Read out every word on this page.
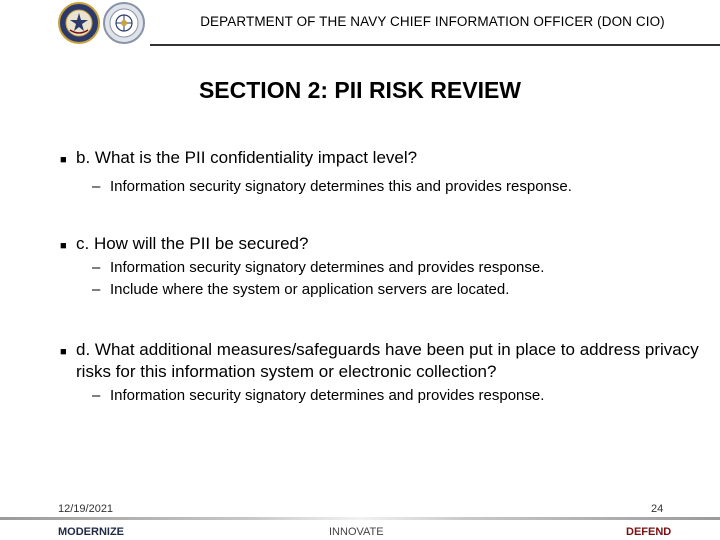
DEPARTMENT OF THE NAVY CHIEF INFORMATION OFFICER (DON CIO)
SECTION 2: PII RISK REVIEW
■ b. What is the PII confidentiality impact level?
– Information security signatory determines this and provides response.
■ c. How will the PII be secured?
– Information security signatory determines and provides response.
– Include where the system or application servers are located.
■ d. What additional measures/safeguards have been put in place to address privacy risks for this information system or electronic collection?
– Information security signatory determines and provides response.
12/19/2021	24
MODERNIZE	INNOVATE	DEFEND
